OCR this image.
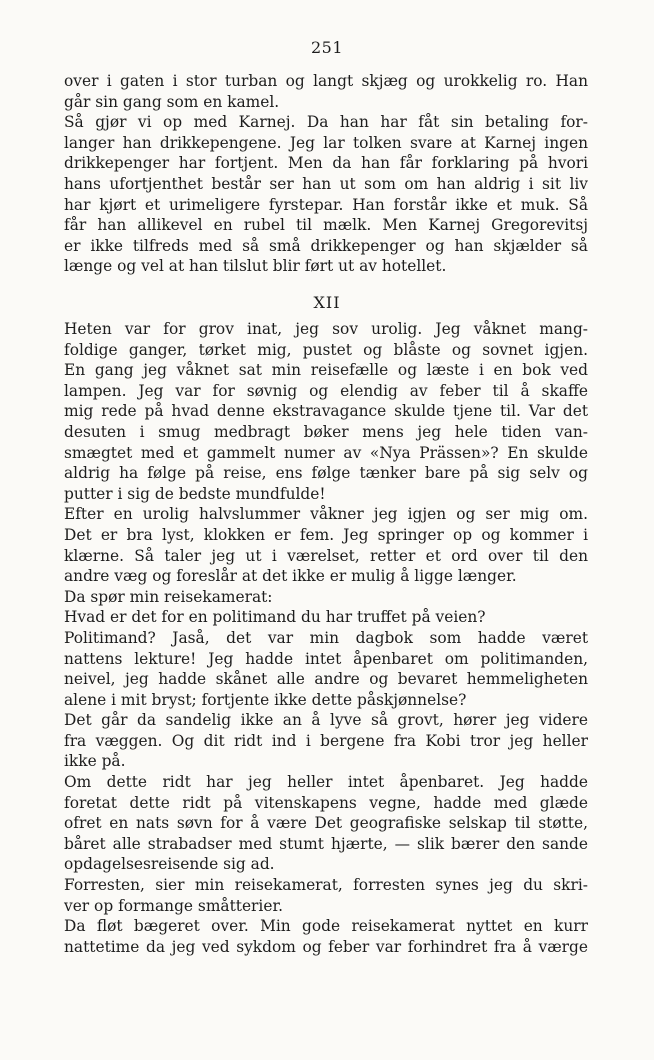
251
over i gaten i stor turban og langt skjæg og urokkelig ro. Han
går sin gang som en kamel.
Så gjør vi op med Karnej. Da han har fåt sin betaling for-
langer han drikkepengene. Jeg lar tolken svare at Karnej ingen
drikkepenger har fortjent. Men da han får forklaring på hvori
hans ufortjenthet består ser han ut som om han aldrig i sit liv
har kjørt et urimeligere fyrstepar. Han forstår ikke et muk. Så
får han allikevel en rubel til mælk. Men Karnej Gregorevitsj
er ikke tilfreds med så små drikkepenger og han skjælder så
længe og vel at han tilslut blir ført ut av hotellet.
XII
Heten var for grov inat, jeg sov urolig. Jeg våknet mang-
foldige ganger, tørket mig, pustet og blåste og sovnet igjen.
En gang jeg våknet sat min reisefælle og læste i en bok ved
lampen. Jeg var for søvnig og elendig av feber til å skaffe
mig rede på hvad denne ekstravagance skulde tjene til. Var det
desuten i smug medbragt bøker mens jeg hele tiden van-
smægtet med et gammelt numer av «Nya Prässen»? En skulde
aldrig ha følge på reise, ens følge tænker bare på sig selv og
putter i sig de bedste mundfulde!
Efter en urolig halvslummer våkner jeg igjen og ser mig om.
Det er bra lyst, klokken er fem. Jeg springer op og kommer i
klærne. Så taler jeg ut i værelset, retter et ord over til den
andre væg og foreslår at det ikke er mulig å ligge længer.
Da spør min reisekamerat:
Hvad er det for en politimand du har truffet på veien?
Politimand? Jaså, det var min dagbok som hadde været
nattens lekture! Jeg hadde intet åpenbaret om politimanden,
neivel, jeg hadde skånet alle andre og bevaret hemmeligheten
alene i mit bryst; fortjente ikke dette påskjønnelse?
Det går da sandelig ikke an å lyve så grovt, hører jeg videre
fra væggen. Og dit ridt ind i bergene fra Kobi tror jeg heller
ikke på.
Om dette ridt har jeg heller intet åpenbaret. Jeg hadde
foretat dette ridt på vitenskapens vegne, hadde med glæde
ofret en nats søvn for å være Det geografiske selskap til støtte,
båret alle strabadser med stumt hjærte, — slik bærer den sande
opdagelsesreisende sig ad.
Forresten, sier min reisekamerat, forresten synes jeg du skri-
ver op formange småtterier.
Da fløt bægeret over. Min gode reisekamerat nyttet en kurr
nattetime da jeg ved sykdom og feber var forhindret fra å værge
